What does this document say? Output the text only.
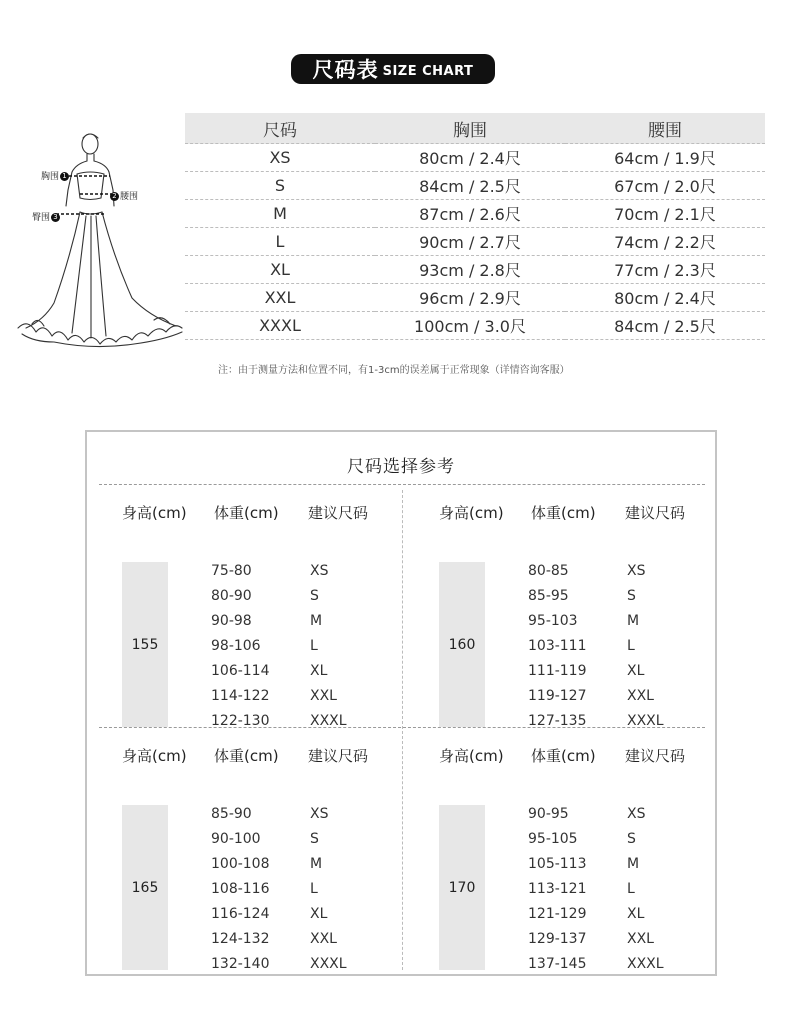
尺码表 SIZE CHART
胸围 1
2 腰围
臀围 3
尺码	胸围	腰围
XS	80cm / 2.4尺	64cm / 1.9尺
S	84cm / 2.5尺	67cm / 2.0尺
M	87cm / 2.6尺	70cm / 2.1尺
L	90cm / 2.7尺	74cm / 2.2尺
XL	93cm / 2.8尺	77cm / 2.3尺
XXL	96cm / 2.9尺	80cm / 2.4尺
XXXL	100cm / 3.0尺	84cm / 2.5尺
注：由于测量方法和位置不同，有1-3cm的误差属于正常现象（详情咨询客服）
尺码选择参考
身高(cm) 体重(cm) 建议尺码
155
75-80	XS
80-90	S
90-98	M
98-106	L
106-114	XL
114-122	XXL
122-130	XXXL
身高(cm) 体重(cm) 建议尺码
160
80-85	XS
85-95	S
95-103	M
103-111	L
111-119	XL
119-127	XXL
127-135	XXXL
身高(cm) 体重(cm) 建议尺码
165
85-90	XS
90-100	S
100-108	M
108-116	L
116-124	XL
124-132	XXL
132-140	XXXL
身高(cm) 体重(cm) 建议尺码
170
90-95	XS
95-105	S
105-113	M
113-121	L
121-129	XL
129-137	XXL
137-145	XXXL
